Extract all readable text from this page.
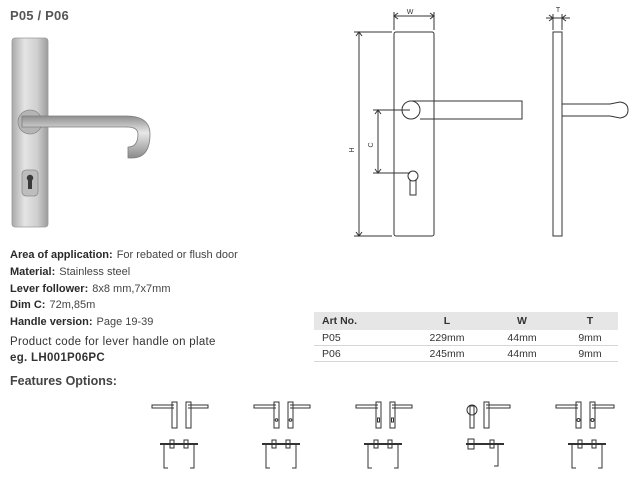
P05 / P06	W
H
C
T
Area of application: For rebated or flush door
Material: Stainless steel
Lever follower: 8x8 mm,7x7mm
Dim C: 72m,85m
Handle version: Page 19-39
Product code for lever handle on plate
eg. LH001P06PC
Art No.	L	W	T
P05	229mm	44mm	9mm
P06	245mm	44mm	9mm
Features Options:
